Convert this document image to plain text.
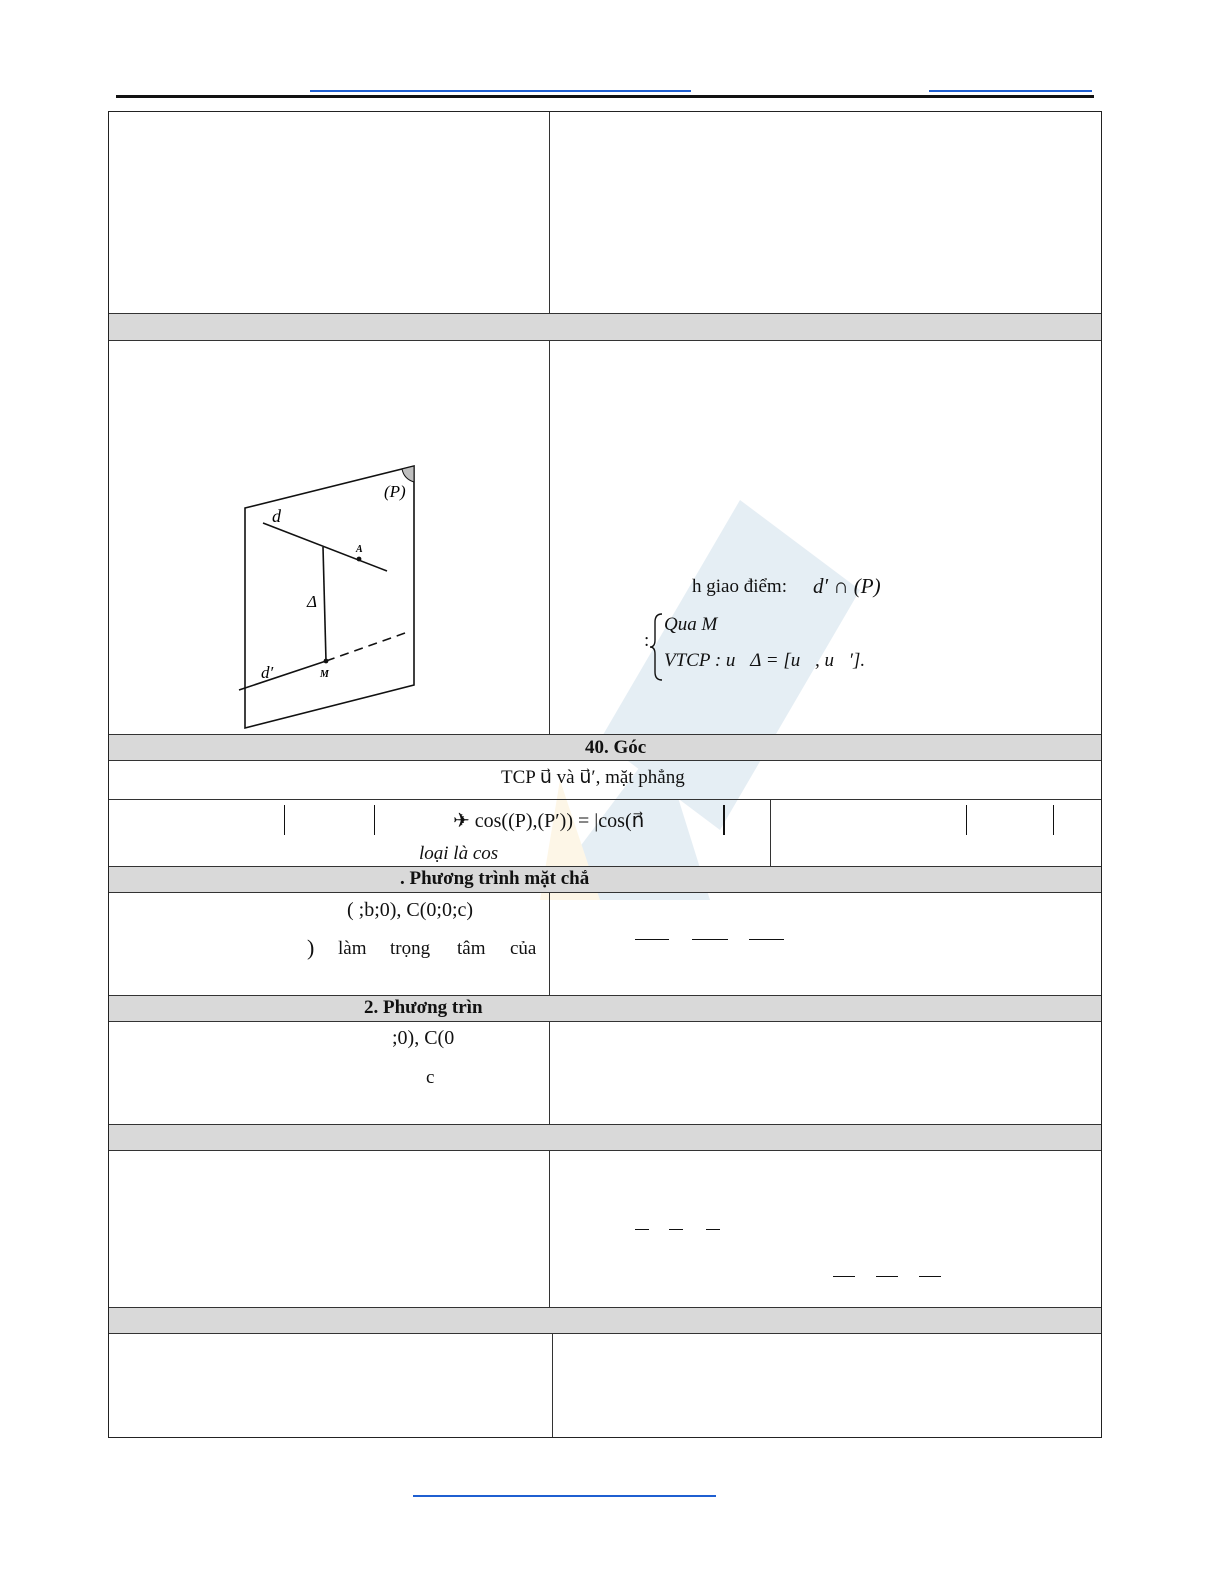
(P)
d
A
Δ
d′	M
h giao điểm: d′ ∩ (P)
:
Qua M
VTCP : u⃗Δ = [u⃗, u⃗′].
40. Góc
TCP u⃗ và u⃗′, mặt phẳng
✈ cos((P),(P′)) = |cos(n⃗
loại là cos
. Phương trình mặt chắ
( ;b;0), C(0;0;c)
) làm trọng tâm của
2. Phương trìn
;0), C(0
c
